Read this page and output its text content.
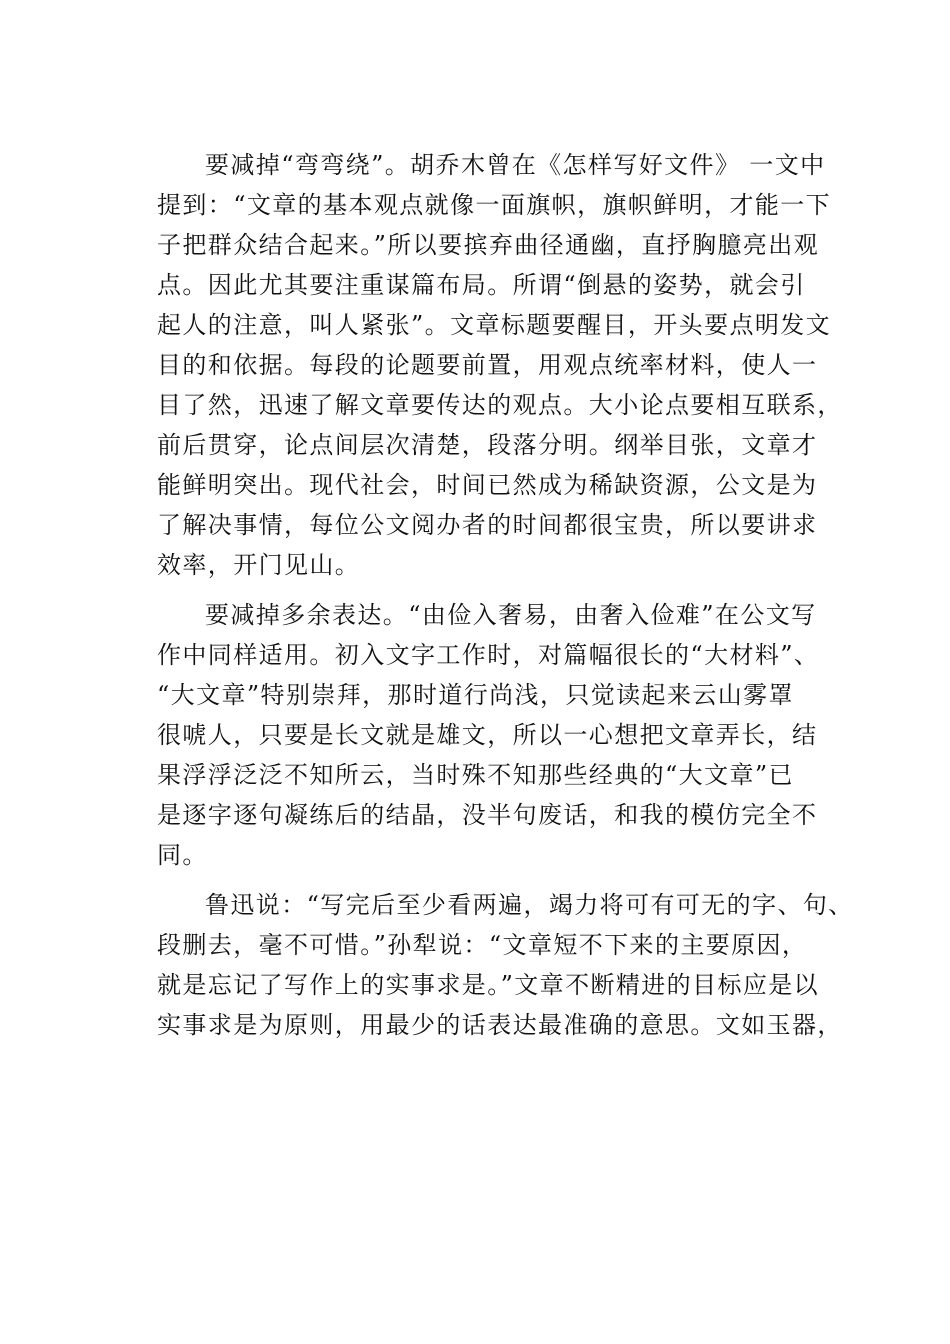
要减掉“弯弯绕”。胡乔木曾在《怎样写好文件》 一文中
提到：“文章的基本观点就像一面旗帜，旗帜鲜明，才能一下
子把群众结合起来。”所以要摈弃曲径通幽，直抒胸臆亮出观
点。因此尤其要注重谋篇布局。所谓“倒悬的姿势，就会引
起人的注意，叫人紧张”。文章标题要醒目，开头要点明发文
目的和依据。每段的论题要前置，用观点统率材料，使人一
目了然，迅速了解文章要传达的观点。大小论点要相互联系，
前后贯穿，论点间层次清楚，段落分明。纲举目张，文章才
能鲜明突出。现代社会，时间已然成为稀缺资源，公文是为
了解决事情，每位公文阅办者的时间都很宝贵，所以要讲求
效率，开门见山。
要减掉多余表达。“由俭入奢易，由奢入俭难”在公文写
作中同样适用。初入文字工作时，对篇幅很长的“大材料”、
“大文章”特别崇拜，那时道行尚浅，只觉读起来云山雾罩
很唬人，只要是长文就是雄文，所以一心想把文章弄长，结
果浮浮泛泛不知所云，当时殊不知那些经典的“大文章”已
是逐字逐句凝练后的结晶，没半句废话，和我的模仿完全不
同。
鲁迅说：“写完后至少看两遍，竭力将可有可无的字、句、
段删去，毫不可惜。”孙犁说：“文章短不下来的主要原因，
就是忘记了写作上的实事求是。”文章不断精进的目标应是以
实事求是为原则，用最少的话表达最准确的意思。文如玉器，
